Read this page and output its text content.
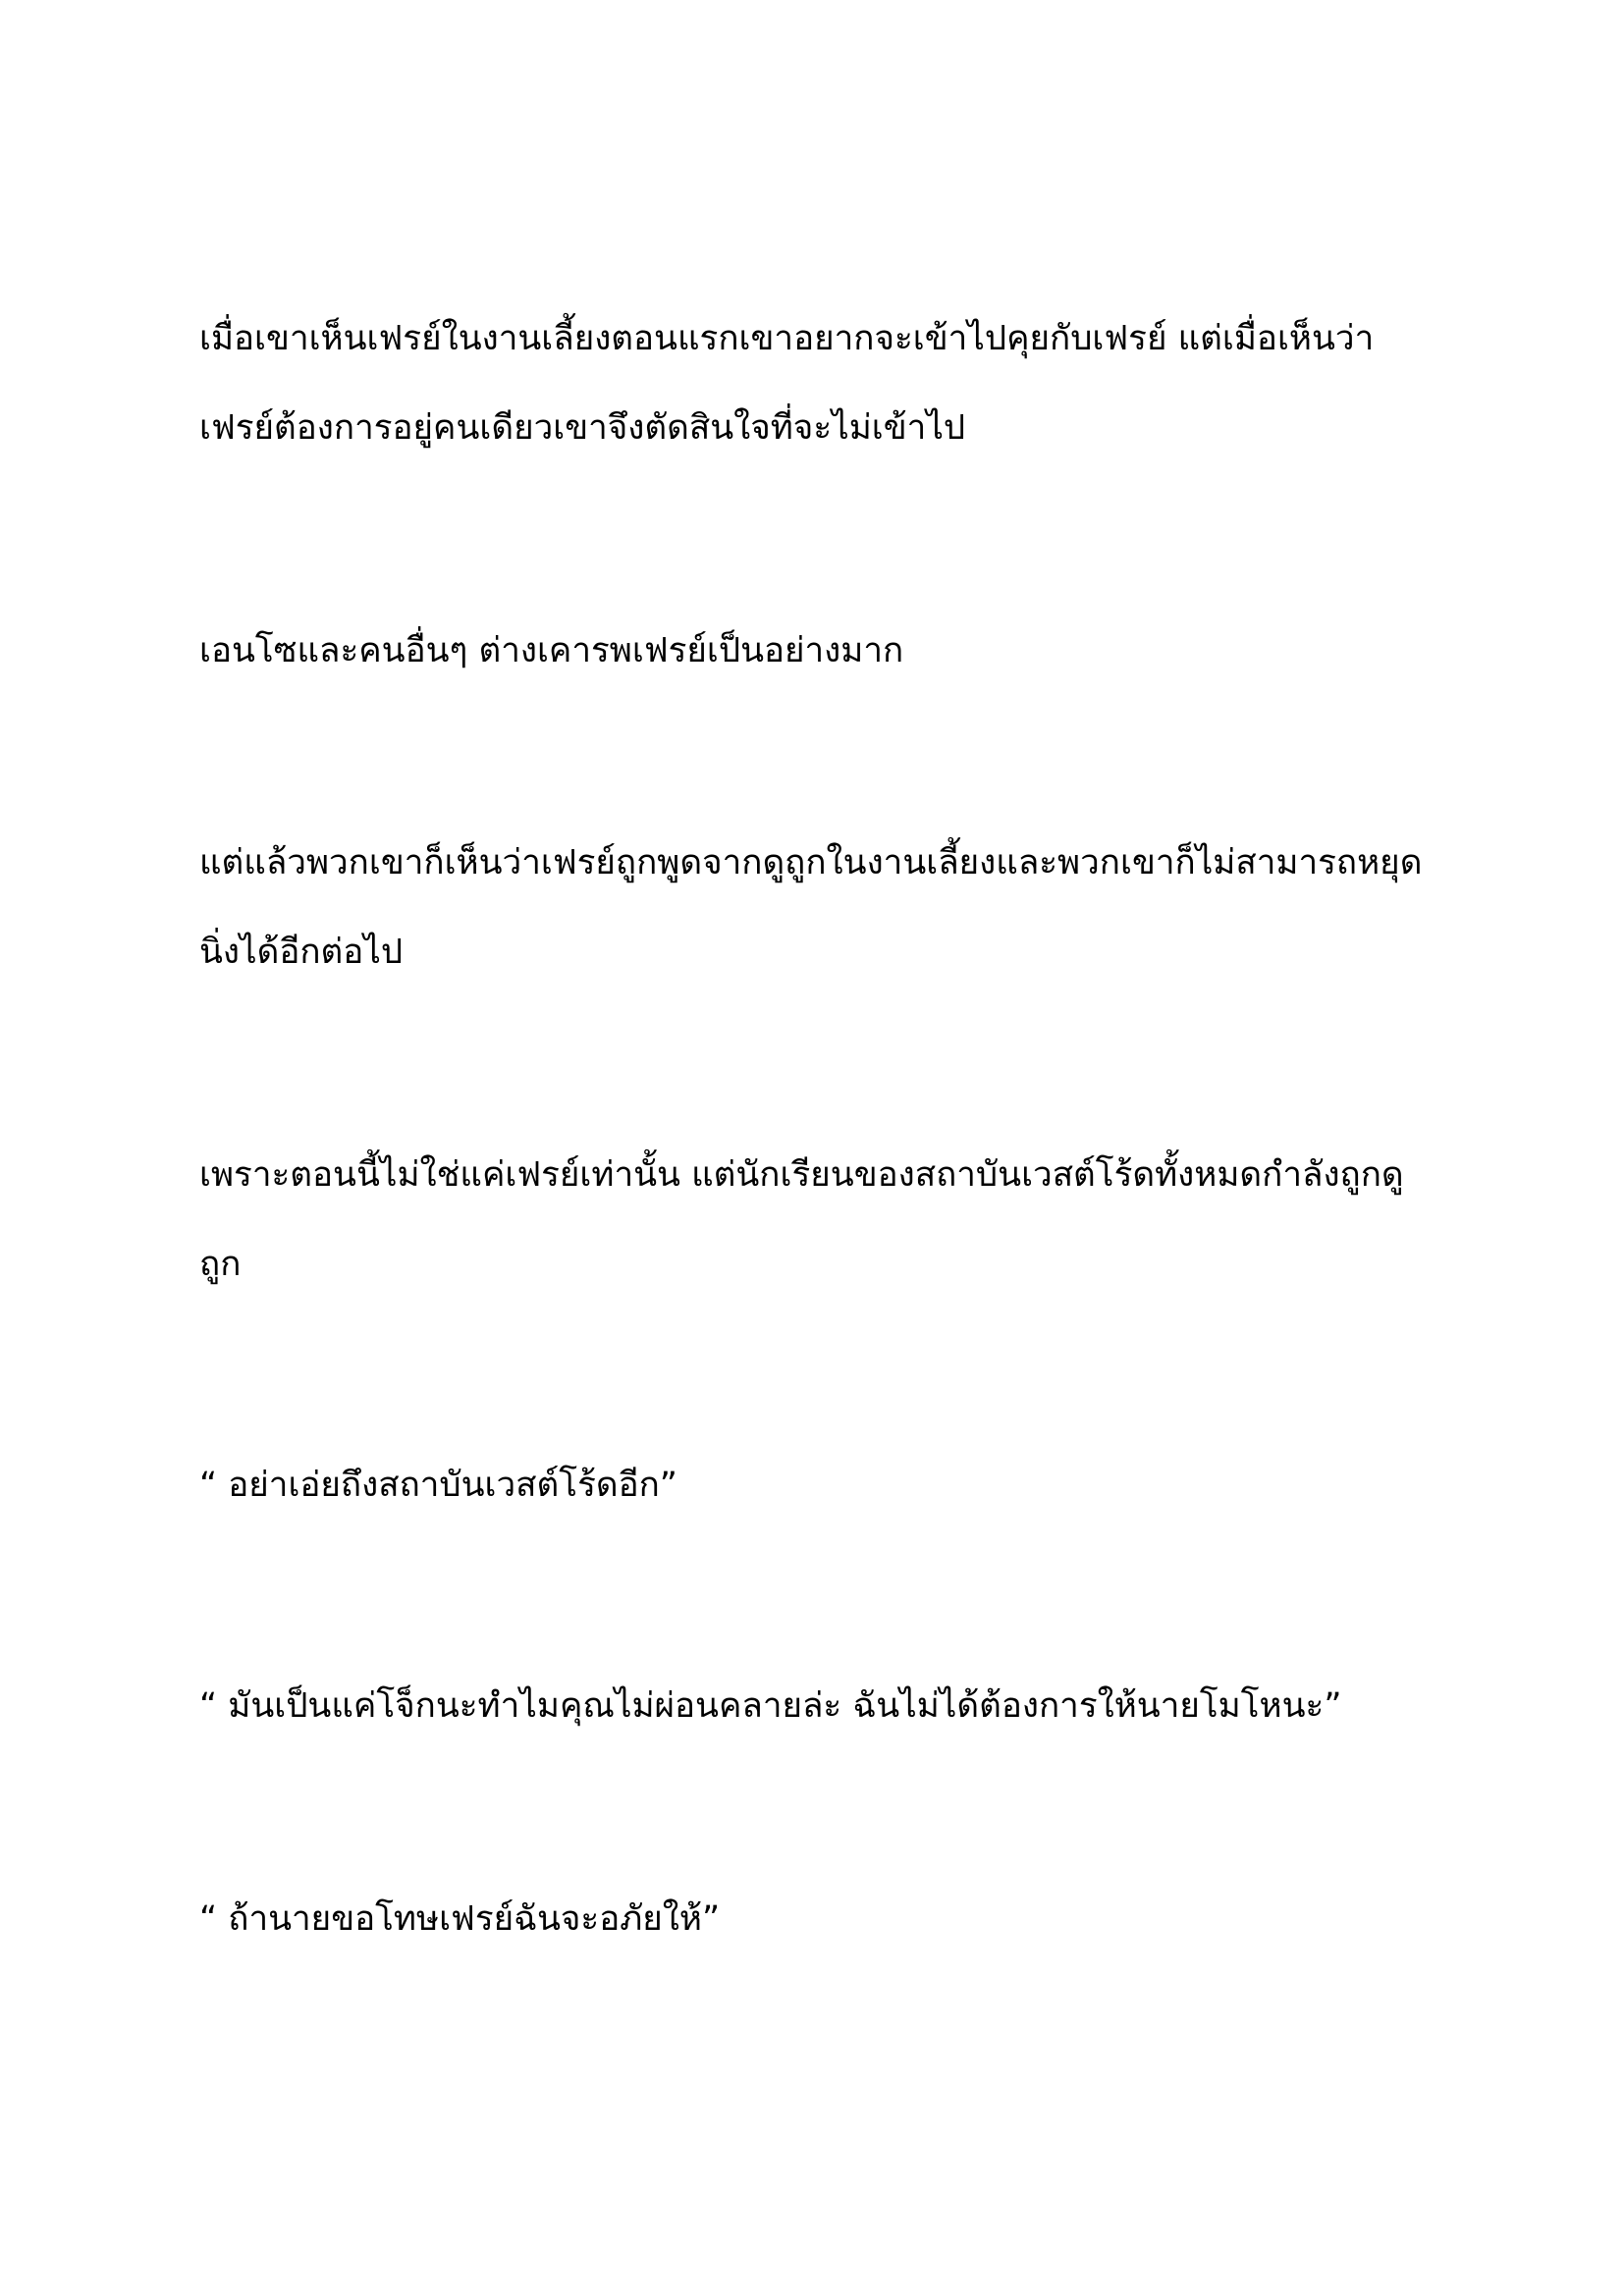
เมื่อเขาเห็นเฟรย์ในงานเลี้ยงตอนแรกเขาอยากจะเข้าไปคุยกับเฟรย์ แต่เมื่อเห็นว่า
เฟรย์ต้องการอยู่คนเดียวเขาจึงตัดสินใจที่จะไม่เข้าไป

เอนโซและคนอื่นๆ ต่างเคารพเฟรย์เป็นอย่างมาก

แต่แล้วพวกเขาก็เห็นว่าเฟรย์ถูกพูดจากดูถูกในงานเลี้ยงและพวกเขาก็ไม่สามารถหยุด
นิ่งได้อีกต่อไป

เพราะตอนนี้ไม่ใช่แค่เฟรย์เท่านั้น แต่นักเรียนของสถาบันเวสต์โร้ดทั้งหมดกำลังถูกดู
ถูก

“ อย่าเอ่ยถึงสถาบันเวสต์โร้ดอีก”

“ มันเป็นแค่โจ็กนะทำไมคุณไม่ผ่อนคลายล่ะ ฉันไม่ได้ต้องการให้นายโมโหนะ”

“ ถ้านายขอโทษเฟรย์ฉันจะอภัยให้”
